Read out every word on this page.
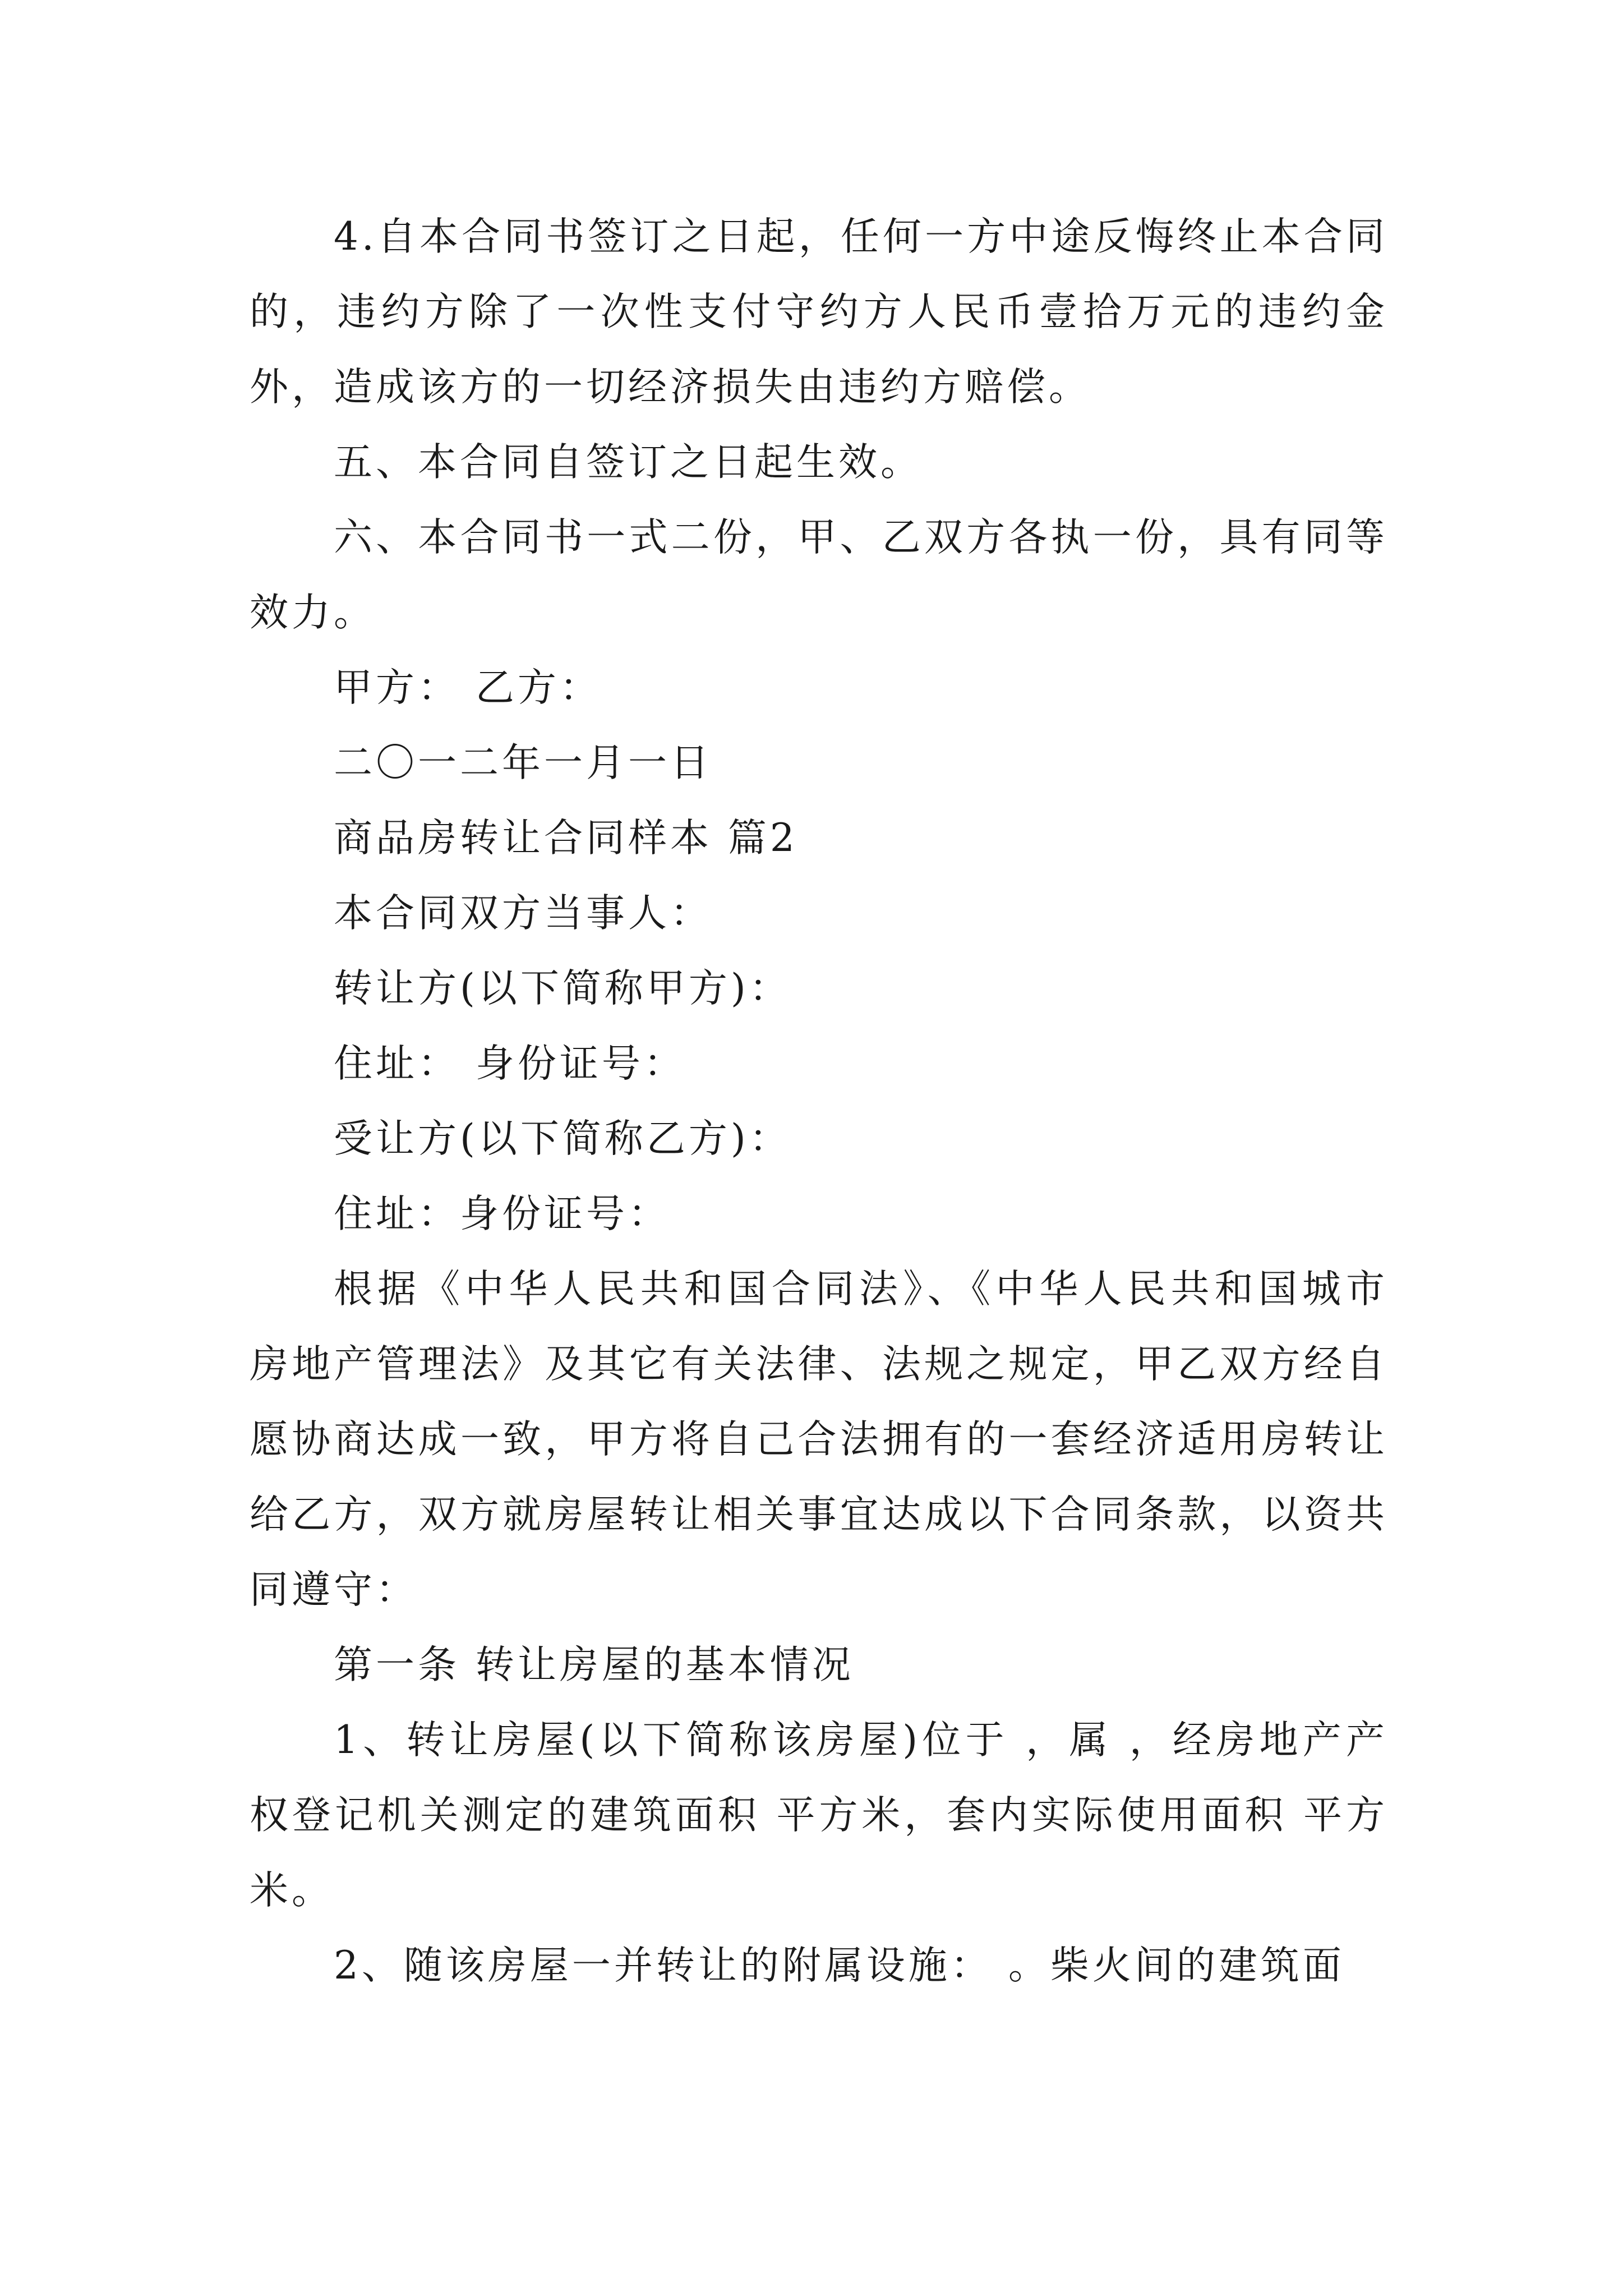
4.自本合同书签订之日起，任何一方中途反悔终止本合同的，违约方除了一次性支付守约方人民币壹拾万元的违约金外，造成该方的一切经济损失由违约方赔偿。

五、本合同自签订之日起生效。

六、本合同书一式二份，甲、乙双方各执一份，具有同等效力。

甲方： 乙方：

二〇一二年一月一日

商品房转让合同样本 篇2

本合同双方当事人：

转让方(以下简称甲方)：

住址： 身份证号：

受让方(以下简称乙方)：

住址：身份证号：

根据《中华人民共和国合同法》、《中华人民共和国城市房地产管理法》及其它有关法律、法规之规定，甲乙双方经自愿协商达成一致，甲方将自己合法拥有的一套经济适用房转让给乙方，双方就房屋转让相关事宜达成以下合同条款，以资共同遵守：

第一条 转让房屋的基本情况

1、转让房屋(以下简称该房屋)位于 ，属 ，经房地产产权登记机关测定的建筑面积 平方米，套内实际使用面积 平方米。

2、随该房屋一并转让的附属设施： 。柴火间的建筑面
